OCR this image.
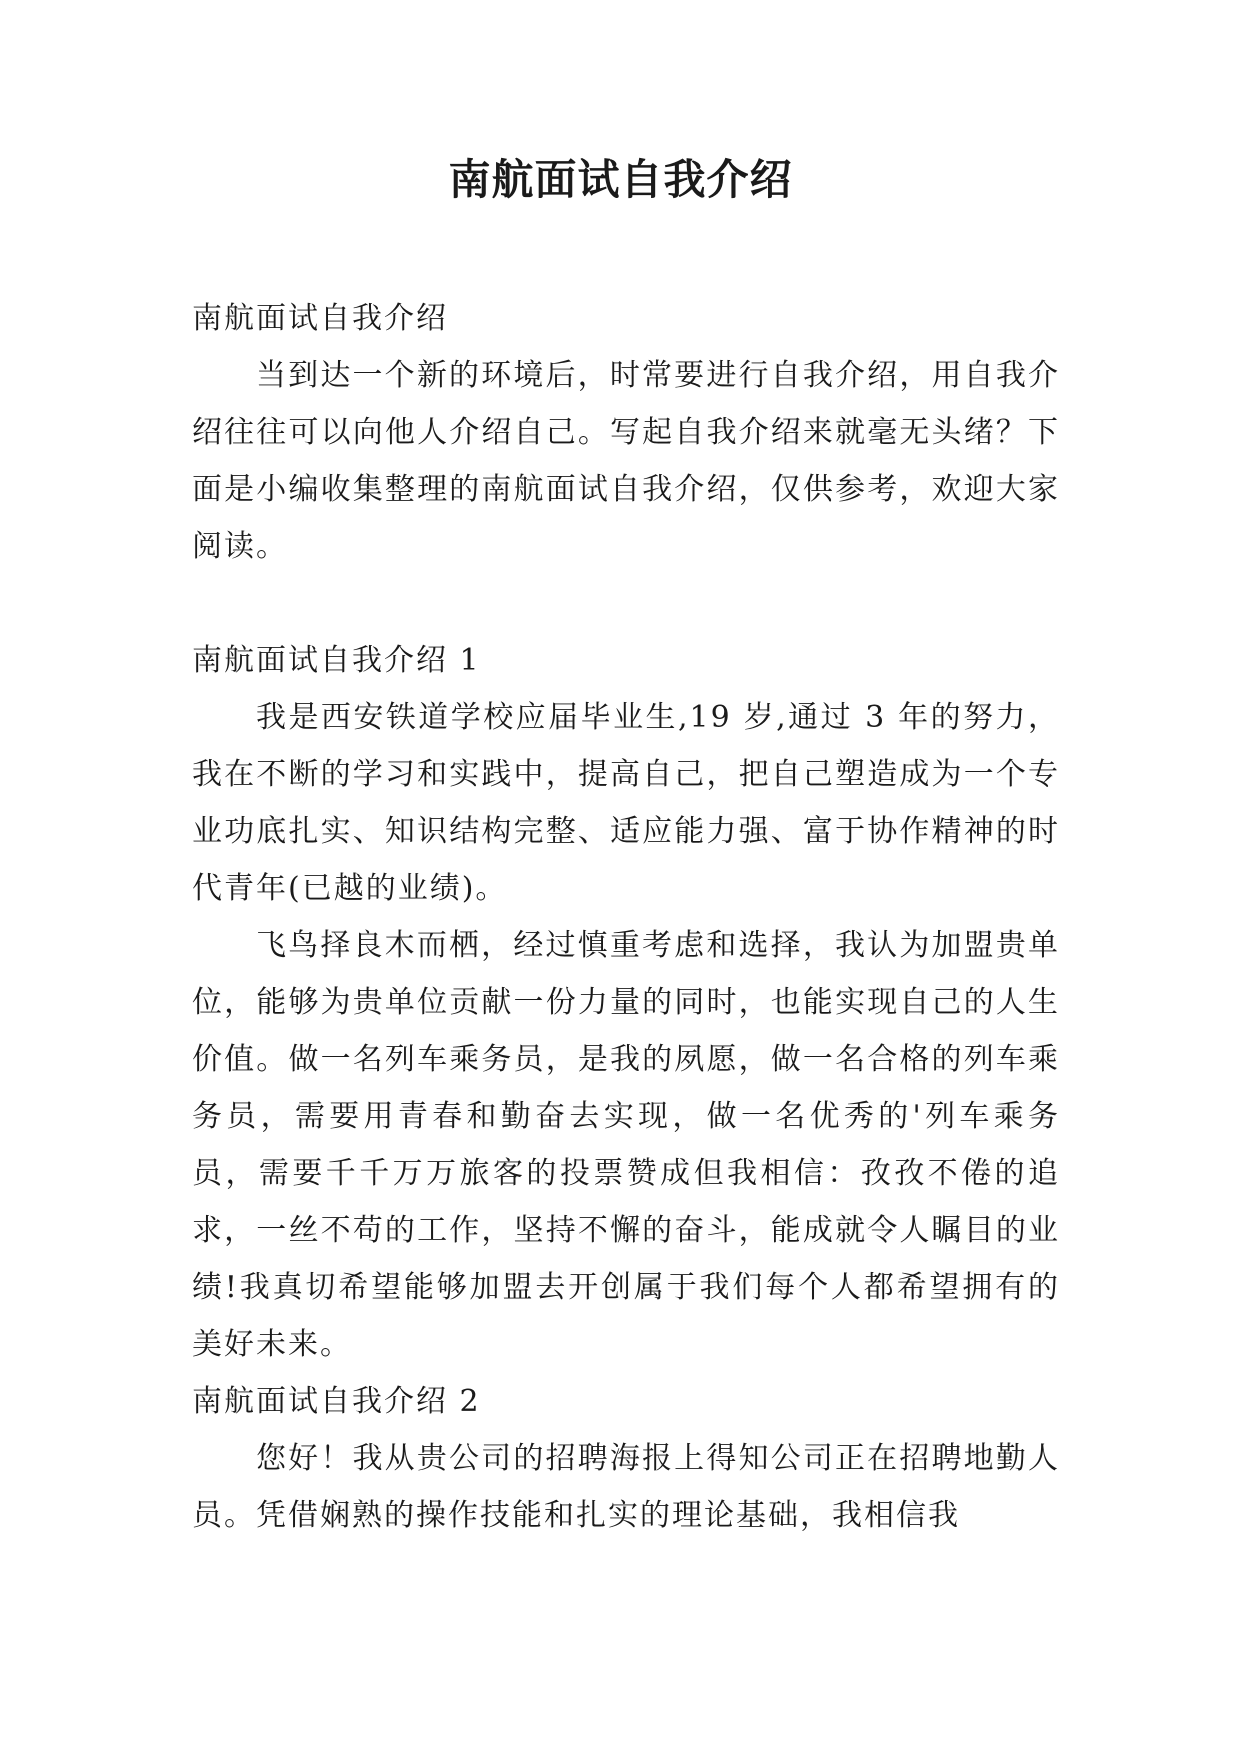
南航面试自我介绍

南航面试自我介绍

当到达一个新的环境后，时常要进行自我介绍，用自我介绍往往可以向他人介绍自己。写起自我介绍来就毫无头绪？下面是小编收集整理的南航面试自我介绍，仅供参考，欢迎大家阅读。

南航面试自我介绍 1

我是西安铁道学校应届毕业生,19 岁,通过 3 年的努力，我在不断的学习和实践中，提高自己，把自己塑造成为一个专业功底扎实、知识结构完整、适应能力强、富于协作精神的时代青年(已越的业绩)。

飞鸟择良木而栖，经过慎重考虑和选择，我认为加盟贵单位，能够为贵单位贡献一份力量的同时，也能实现自己的人生价值。做一名列车乘务员，是我的夙愿，做一名合格的列车乘务员，需要用青春和勤奋去实现，做一名优秀的'列车乘务员，需要千千万万旅客的投票赞成但我相信：孜孜不倦的追求，一丝不苟的工作，坚持不懈的奋斗，能成就令人瞩目的业绩!我真切希望能够加盟去开创属于我们每个人都希望拥有的美好未来。

南航面试自我介绍 2

您好！我从贵公司的招聘海报上得知公司正在招聘地勤人员。凭借娴熟的操作技能和扎实的理论基础，我相信我
